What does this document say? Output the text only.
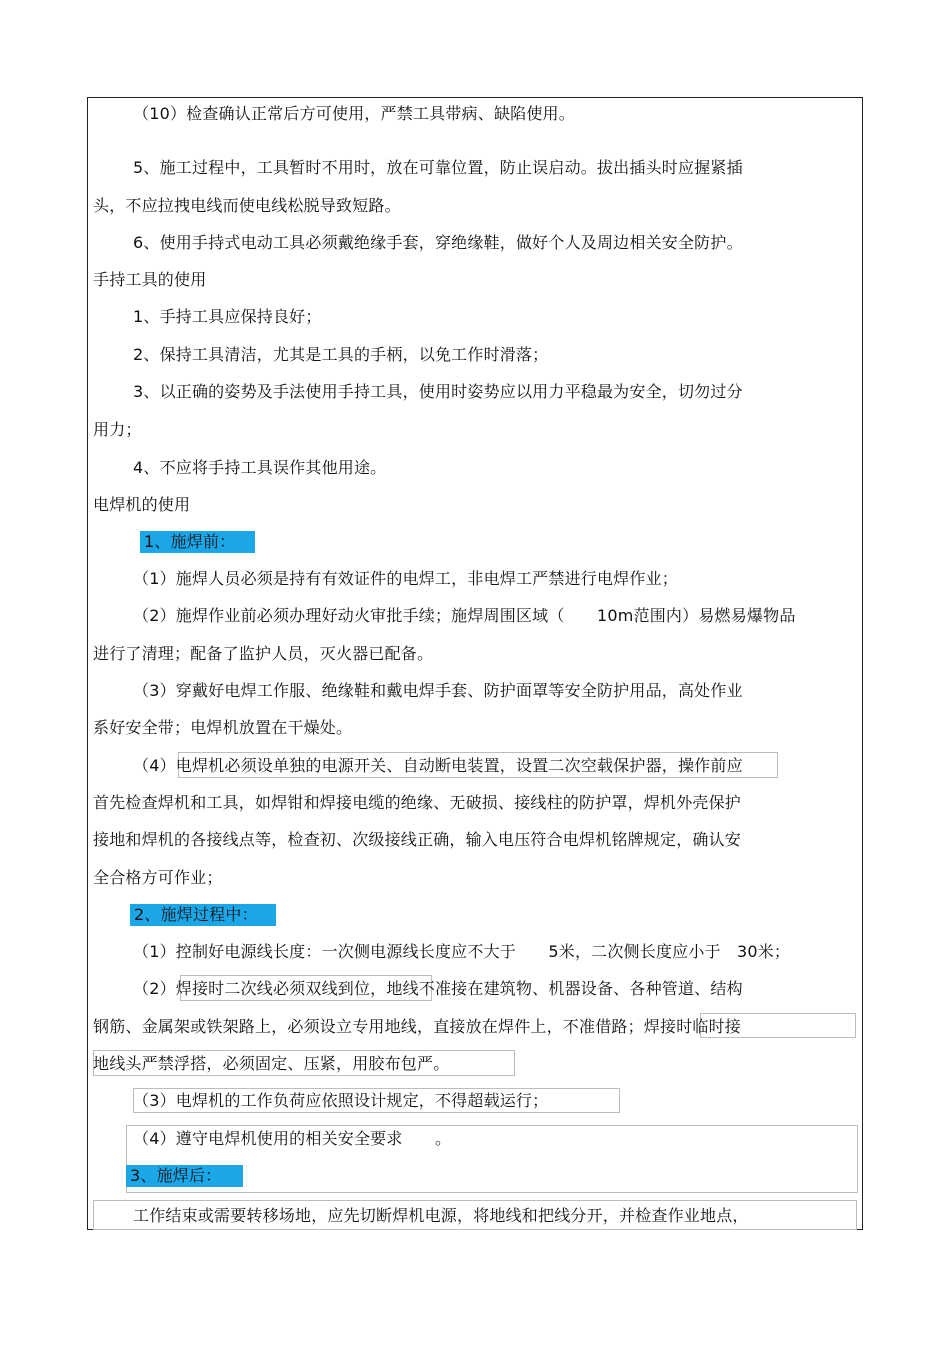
（10）检查确认正常后方可使用，严禁工具带病、缺陷使用。
5、施工过程中，工具暂时不用时，放在可靠位置，防止误启动。拔出插头时应握紧插
头，不应拉拽电线而使电线松脱导致短路。
6、使用手持式电动工具必须戴绝缘手套，穿绝缘鞋，做好个人及周边相关安全防护。
手持工具的使用
1、手持工具应保持良好；
2、保持工具清洁，尤其是工具的手柄，以免工作时滑落；
3、以正确的姿势及手法使用手持工具，使用时姿势应以用力平稳最为安全，切勿过分
用力；
4、不应将手持工具误作其他用途。
电焊机的使用
1、施焊前：
（1）施焊人员必须是持有有效证件的电焊工，非电焊工严禁进行电焊作业；
（2）施焊作业前必须办理好动火审批手续；施焊周围区域（　　10m范围内）易燃易爆物品
进行了清理；配备了监护人员，灭火器已配备。
（3）穿戴好电焊工作服、绝缘鞋和戴电焊手套、防护面罩等安全防护用品，高处作业
系好安全带；电焊机放置在干燥处。
（4）电焊机必须设单独的电源开关、自动断电装置，设置二次空载保护器，操作前应
首先检查焊机和工具，如焊钳和焊接电缆的绝缘、无破损、接线柱的防护罩，焊机外壳保护
接地和焊机的各接线点等，检查初、次级接线正确，输入电压符合电焊机铭牌规定，确认安
全合格方可作业；
2、施焊过程中：
（1）控制好电源线长度：一次侧电源线长度应不大于　　5米，二次侧长度应小于　30米；
（2）焊接时二次线必须双线到位，地线不准接在建筑物、机器设备、各种管道、结构
钢筋、金属架或铁架路上，必须设立专用地线，直接放在焊件上，不准借路；焊接时临时接
地线头严禁浮搭，必须固定、压紧，用胶布包严。
（3）电焊机的工作负荷应依照设计规定，不得超载运行；
（4）遵守电焊机使用的相关安全要求　　。
3、施焊后：
工作结束或需要转移场地，应先切断焊机电源，将地线和把线分开，并检查作业地点，
